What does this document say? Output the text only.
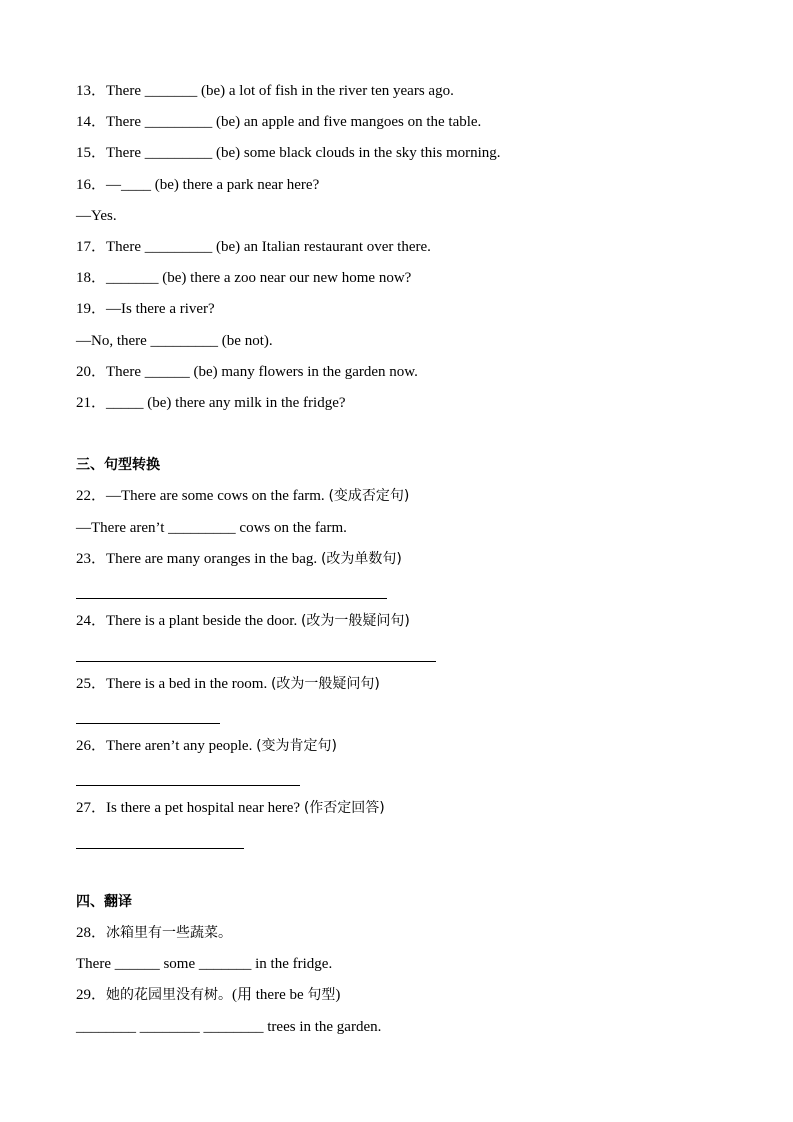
13．There _______ (be) a lot of fish in the river ten years ago.
14．There _________ (be) an apple and five mangoes on the table.
15．There _________ (be) some black clouds in the sky this morning.
16．—____ (be) there a park near here?
—Yes.
17．There _________ (be) an Italian restaurant over there.
18．_______ (be) there a zoo near our new home now?
19．—Is there a river?
—No, there _________ (be not).
20．There ______ (be) many flowers in the garden now.
21．_____ (be) there any milk in the fridge?
三、句型转换
22．—There are some cows on the farm. (变成否定句)
—There aren’t _________ cows on the farm.
23．There are many oranges in the bag. (改为单数句)
24．There is a plant beside the door. (改为一般疑问句)
25．There is a bed in the room. (改为一般疑问句)
26．There aren’t any people. (变为肯定句)
27．Is there a pet hospital near here? (作否定回答)
四、翻译
28．冰箱里有一些蔬菜。
There ______ some _______ in the fridge.
29．她的花园里没有树。(用 there be 句型)
________ ________ ________ trees in the garden.
